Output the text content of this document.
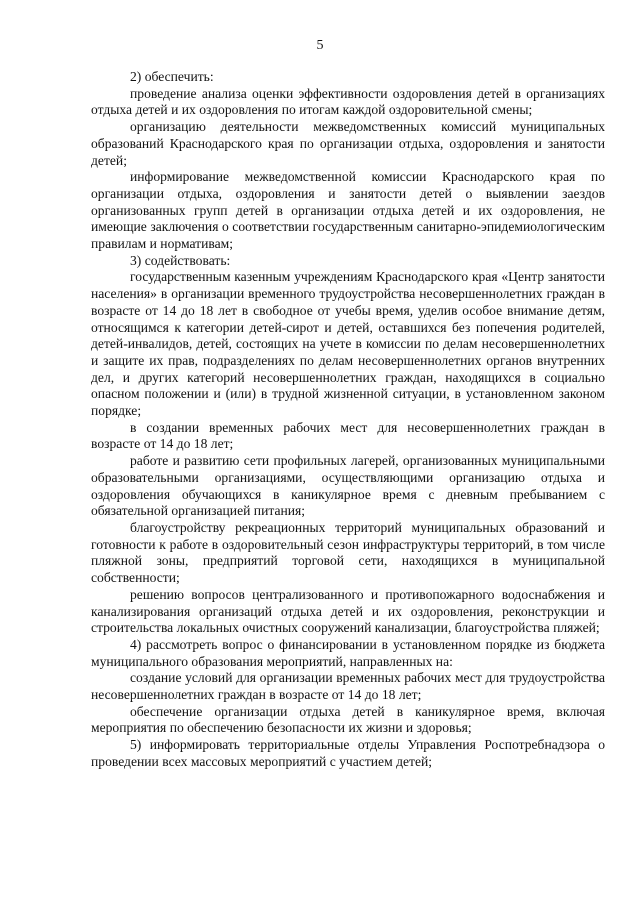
5

2) обеспечить:

проведение анализа оценки эффективности оздоровления детей в организациях отдыха детей и их оздоровления по итогам каждой оздоровительной смены;

организацию деятельности межведомственных комиссий муниципальных образований Краснодарского края по организации отдыха, оздоровления и занятости детей;

информирование межведомственной комиссии Краснодарского края по организации отдыха, оздоровления и занятости детей о выявлении заездов организованных групп детей в организации отдыха детей и их оздоровления, не имеющие заключения о соответствии государственным санитарно-эпидемиологическим правилам и нормативам;

3) содействовать:

государственным казенным учреждениям Краснодарского края «Центр занятости населения» в организации временного трудоустройства несовершеннолетних граждан в возрасте от 14 до 18 лет в свободное от учебы время, уделив особое внимание детям, относящимся к категории детей-сирот и детей, оставшихся без попечения родителей, детей-инвалидов, детей, состоящих на учете в комиссии по делам несовершеннолетних и защите их прав, подразделениях по делам несовершеннолетних органов внутренних дел, и других категорий несовершеннолетних граждан, находящихся в социально опасном положении и (или) в трудной жизненной ситуации, в установленном законом порядке;

в создании временных рабочих мест для несовершеннолетних граждан в возрасте от 14 до 18 лет;

работе и развитию сети профильных лагерей, организованных муниципальными образовательными организациями, осуществляющими организацию отдыха и оздоровления обучающихся в каникулярное время с дневным пребыванием с обязательной организацией питания;

благоустройству рекреационных территорий муниципальных образований и готовности к работе в оздоровительный сезон инфраструктуры территорий, в том числе пляжной зоны, предприятий торговой сети, находящихся в муниципальной собственности;

решению вопросов централизованного и противопожарного водоснабжения и канализирования организаций отдыха детей и их оздоровления, реконструкции и строительства локальных очистных сооружений канализации, благоустройства пляжей;

4) рассмотреть вопрос о финансировании в установленном порядке из бюджета муниципального образования мероприятий, направленных на:

создание условий для организации временных рабочих мест для трудоустройства несовершеннолетних граждан в возрасте от 14 до 18 лет;

обеспечение организации отдыха детей в каникулярное время, включая мероприятия по обеспечению безопасности их жизни и здоровья;

5) информировать территориальные отделы Управления Роспотребнадзора о проведении всех массовых мероприятий с участием детей;
